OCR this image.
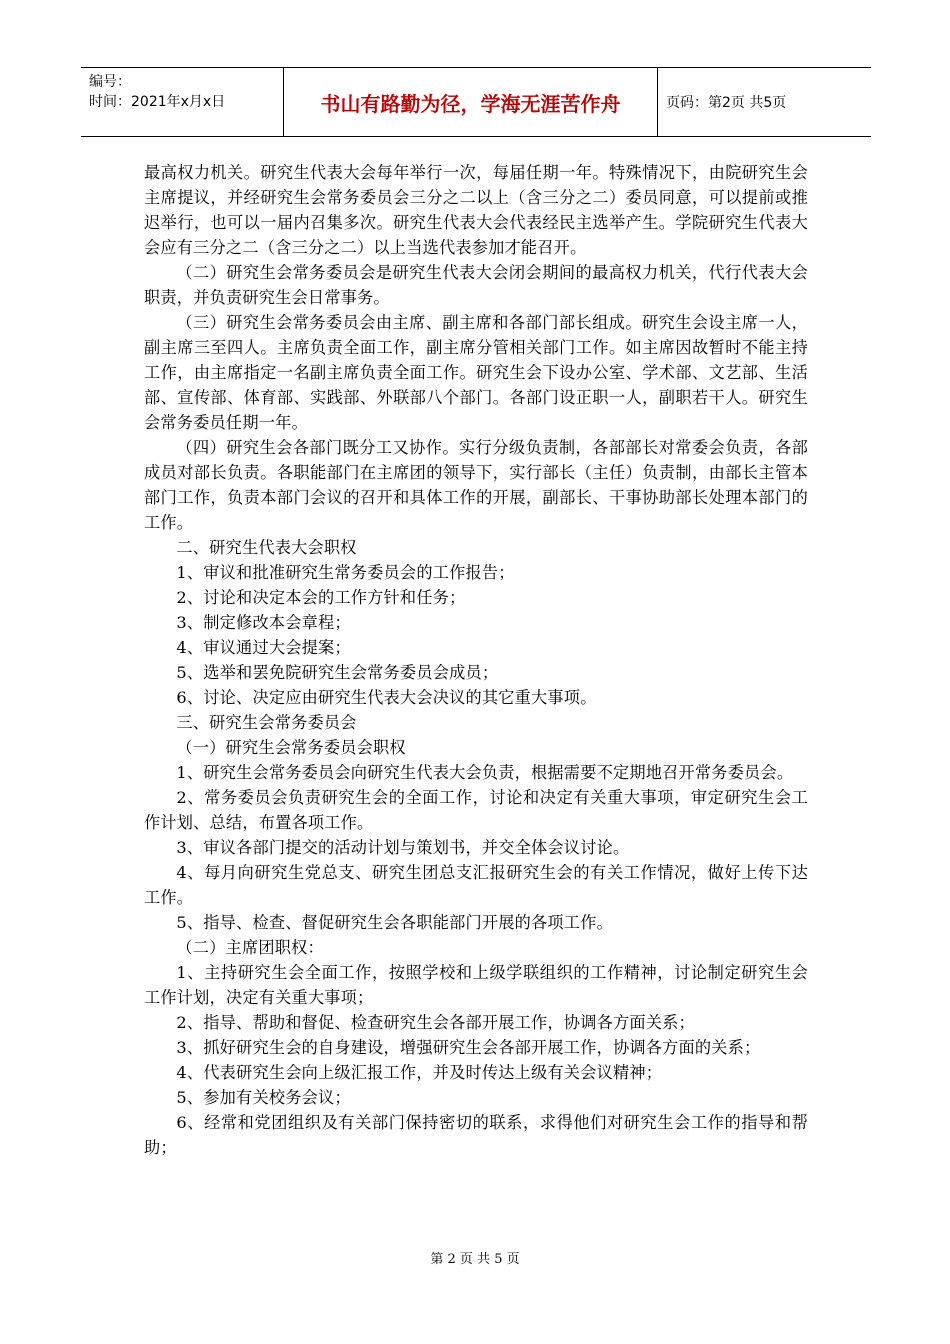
编号：
时间：2021年x月x日	书山有路勤为径，学海无涯苦作舟	页码：第2页 共5页

最高权力机关。研究生代表大会每年举行一次，每届任期一年。特殊情况下，由院研究生会主席提议，并经研究生会常务委员会三分之二以上（含三分之二）委员同意，可以提前或推迟举行，也可以一届内召集多次。研究生代表大会代表经民主选举产生。学院研究生代表大会应有三分之二（含三分之二）以上当选代表参加才能召开。

（二）研究生会常务委员会是研究生代表大会闭会期间的最高权力机关，代行代表大会职责，并负责研究生会日常事务。

（三）研究生会常务委员会由主席、副主席和各部门部长组成。研究生会设主席一人，副主席三至四人。主席负责全面工作，副主席分管相关部门工作。如主席因故暂时不能主持工作，由主席指定一名副主席负责全面工作。研究生会下设办公室、学术部、文艺部、生活部、宣传部、体育部、实践部、外联部八个部门。各部门设正职一人，副职若干人。研究生会常务委员任期一年。

（四）研究生会各部门既分工又协作。实行分级负责制，各部部长对常委会负责，各部成员对部长负责。各职能部门在主席团的领导下，实行部长（主任）负责制，由部长主管本部门工作，负责本部门会议的召开和具体工作的开展，副部长、干事协助部长处理本部门的工作。

二、研究生代表大会职权

1、审议和批准研究生常务委员会的工作报告；

2、讨论和决定本会的工作方针和任务；

3、制定修改本会章程；

4、审议通过大会提案；

5、选举和罢免院研究生会常务委员会成员；

6、讨论、决定应由研究生代表大会决议的其它重大事项。

三、研究生会常务委员会

（一）研究生会常务委员会职权

1、研究生会常务委员会向研究生代表大会负责，根据需要不定期地召开常务委员会。

2、常务委员会负责研究生会的全面工作，讨论和决定有关重大事项，审定研究生会工作计划、总结，布置各项工作。

3、审议各部门提交的活动计划与策划书，并交全体会议讨论。

4、每月向研究生党总支、研究生团总支汇报研究生会的有关工作情况，做好上传下达工作。

5、指导、检查、督促研究生会各职能部门开展的各项工作。

（二）主席团职权：

1、主持研究生会全面工作，按照学校和上级学联组织的工作精神，讨论制定研究生会工作计划，决定有关重大事项；

2、指导、帮助和督促、检查研究生会各部开展工作，协调各方面关系；

3、抓好研究生会的自身建设，增强研究生会各部开展工作，协调各方面的关系；

4、代表研究生会向上级汇报工作，并及时传达上级有关会议精神；

5、参加有关校务会议；

6、经常和党团组织及有关部门保持密切的联系，求得他们对研究生会工作的指导和帮助；

第 2 页 共 5 页
